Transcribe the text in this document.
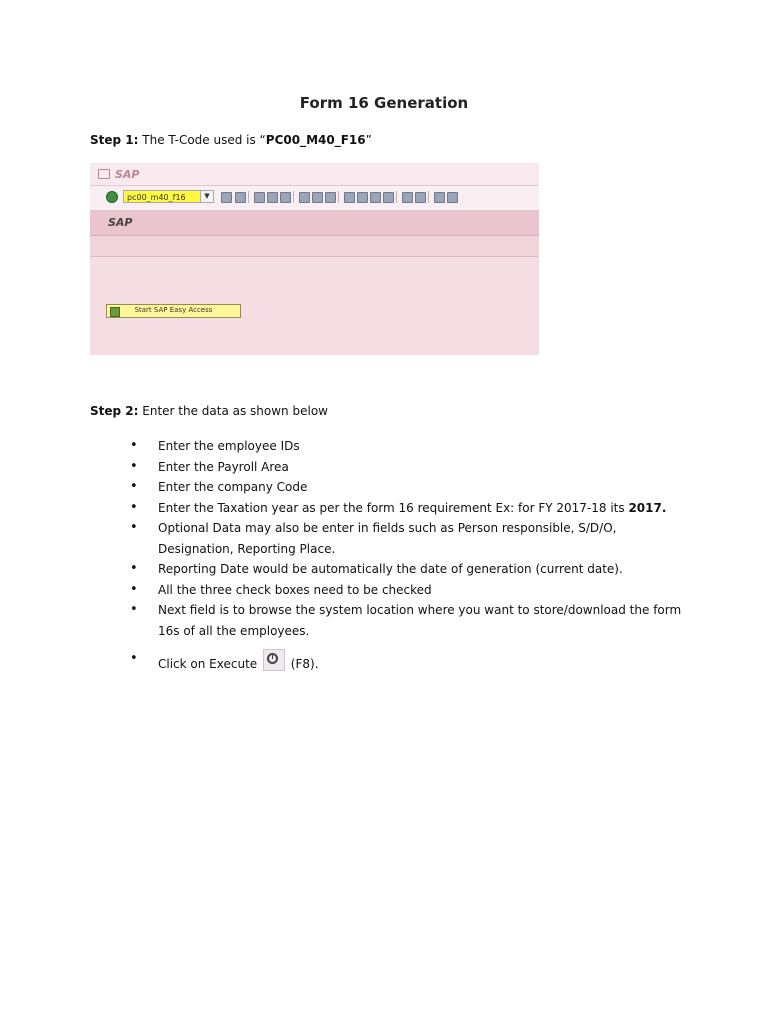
Form 16 Generation
Step 1: The T-Code used is “PC00_M40_F16”
SAP
pc00_m40_f16	▼
SAP
Start SAP Easy Access
Step 2: Enter the data as shown below
• Enter the employee IDs
• Enter the Payroll Area
• Enter the company Code
• Enter the Taxation year as per the form 16 requirement Ex: for FY 2017-18 its 2017.
• Optional Data may also be enter in fields such as Person responsible, S/D/O, Designation, Reporting Place.
• Reporting Date would be automatically the date of generation (current date).
• All the three check boxes need to be checked
• Next field is to browse the system location where you want to store/download the form 16s of all the employees.
• Click on Execute
(F8).
